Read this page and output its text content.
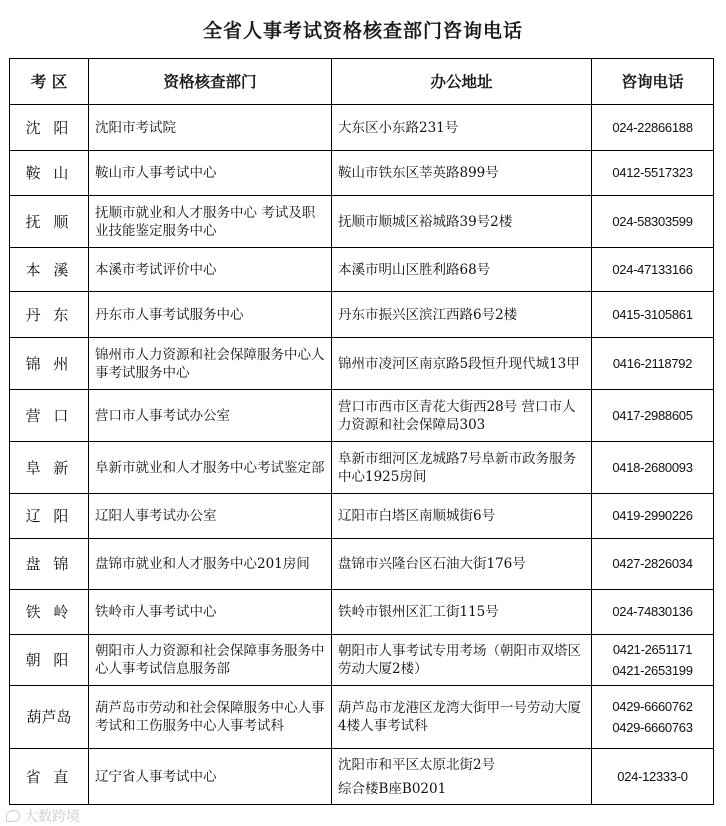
全省人事考试资格核查部门咨询电话
考 区	资格核查部门	办公地址	咨询电话
沈 阳	沈阳市考试院	大东区小东路231号	024-22866188

鞍 山	鞍山市人事考试中心	鞍山市铁东区莘英路899号	0412-5517323

抚 顺	抚顺市就业和人才服务中心 考试及职业技能鉴定服务中心	抚顺市顺城区裕城路39号2楼	024-58303599

本 溪	本溪市考试评价中心	本溪市明山区胜利路68号	024-47133166

丹 东	丹东市人事考试服务中心	丹东市振兴区滨江西路6号2楼	0415-3105861

锦 州	锦州市人力资源和社会保障服务中心人事考试服务中心	锦州市凌河区南京路5段恒升现代城13甲	0416-2118792

营 口	营口市人事考试办公室	营口市西市区青花大街西28号 营口市人力资源和社会保障局303	0417-2988605

阜 新	阜新市就业和人才服务中心考试鉴定部	阜新市细河区龙城路7号阜新市政务服务中心1925房间	0418-2680093

辽 阳	辽阳人事考试办公室	辽阳市白塔区南顺城街6号	0419-2990226

盘 锦	盘锦市就业和人才服务中心201房间	盘锦市兴隆台区石油大街176号	0427-2826034

铁 岭	铁岭市人事考试中心	铁岭市银州区汇工街115号	024-74830136

朝 阳	朝阳市人力资源和社会保障事务服务中心人事考试信息服务部	朝阳市人事考试专用考场（朝阳市双塔区劳动大厦2楼）	0421-2651171
0421-2653199

葫芦岛	葫芦岛市劳动和社会保障服务中心人事考试和工伤服务中心人事考试科	葫芦岛市龙港区龙湾大街甲一号劳动大厦4楼人事考试科	0429-6660762
0429-6660763

省 直	辽宁省人事考试中心	沈阳市和平区太原北街2号
综合楼B座B0201	024-12333-0
大数跨境
